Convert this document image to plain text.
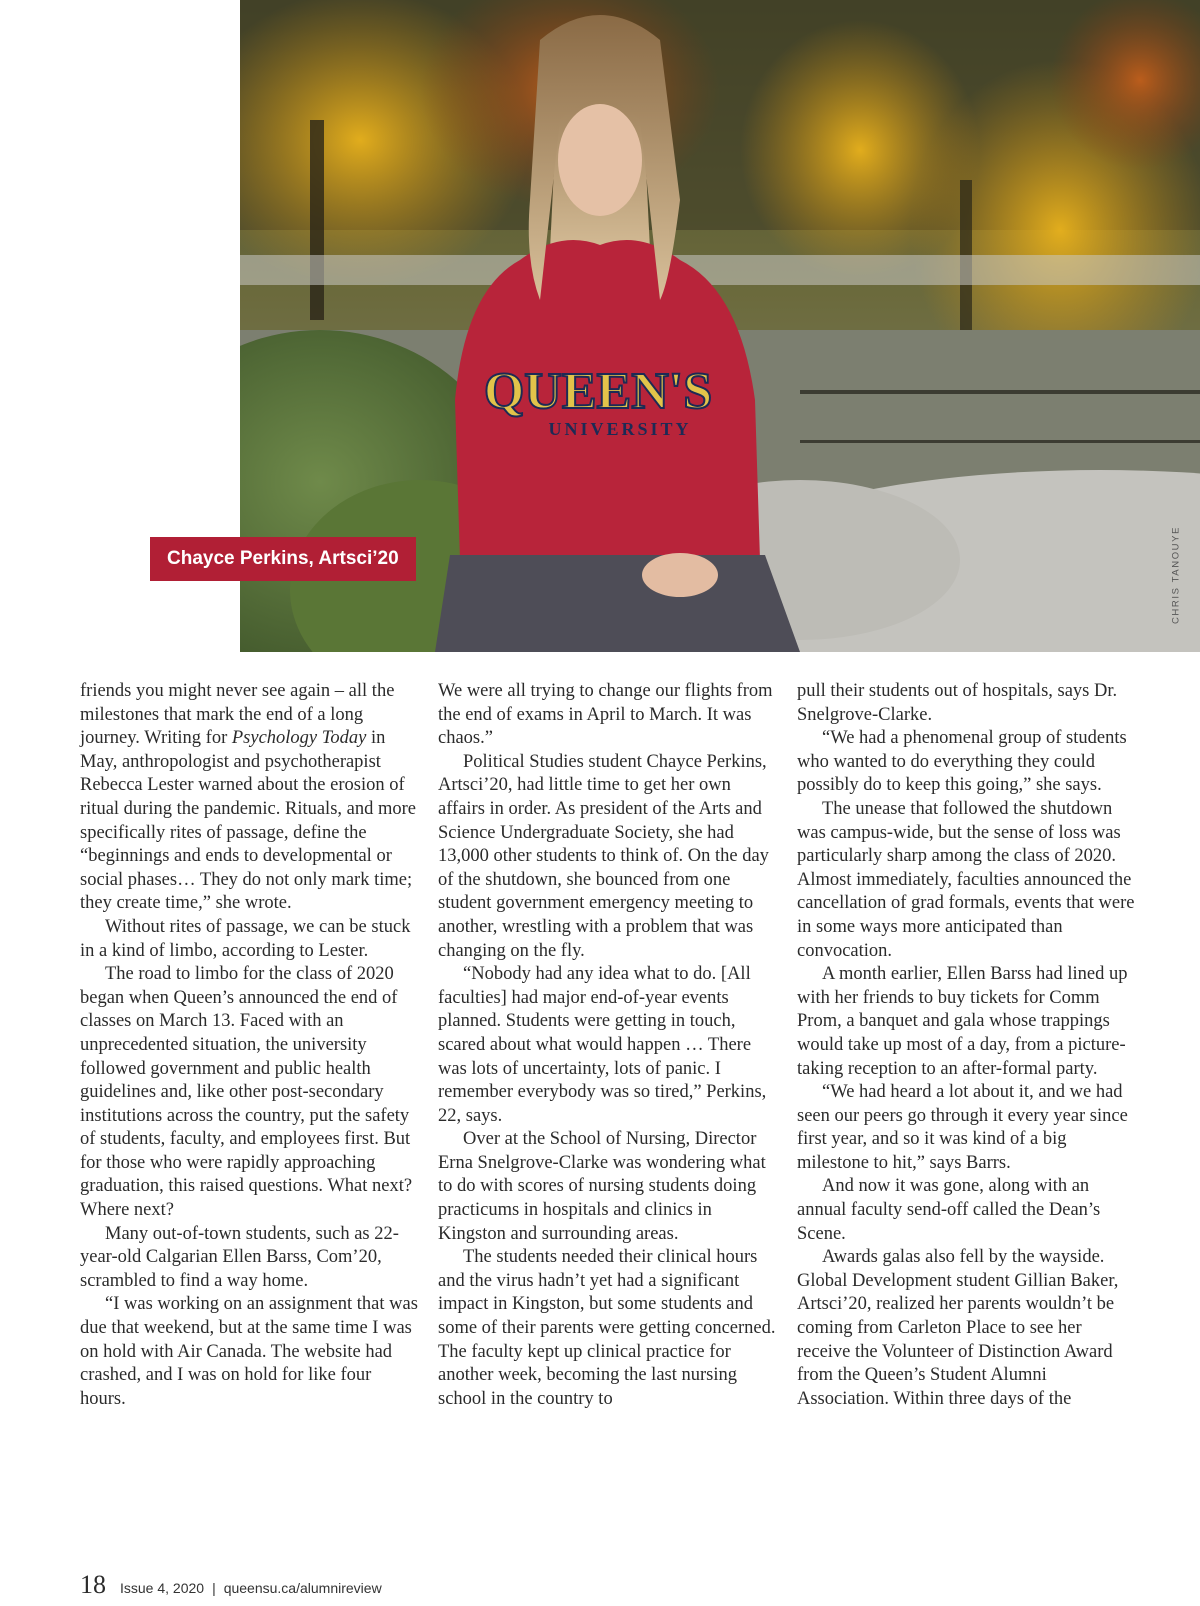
QUEEN'S
UNIVERSITY
Chayce Perkins, Artsci’20	CHRIS TANOUYE

friends you might never see again – all the milestones that mark the end of a long journey. Writing for Psychology Today in May, anthropologist and psychotherapist Rebecca Lester warned about the erosion of ritual during the pandemic. Rituals, and more specifically rites of passage, define the “beginnings and ends to developmental or social phases… They do not only mark time; they create time,” she wrote.

Without rites of passage, we can be stuck in a kind of limbo, according to Lester.

The road to limbo for the class of 2020 began when Queen’s announced the end of classes on March 13. Faced with an unprecedented situation, the university followed government and public health guidelines and, like other post-secondary institutions across the country, put the safety of students, faculty, and employees first. But for those who were rapidly approaching graduation, this raised questions. What next? Where next?

Many out-of-town students, such as 22-year-old Calgarian Ellen Barss, Com’20, scrambled to find a way home.

“I was working on an assignment that was due that weekend, but at the same time I was on hold with Air Canada. The website had crashed, and I was on hold for like four hours.

We were all trying to change our flights from the end of exams in April to March. It was chaos.”

Political Studies student Chayce Perkins, Artsci’20, had little time to get her own affairs in order. As president of the Arts and Science Undergraduate Society, she had 13,000 other students to think of. On the day of the shutdown, she bounced from one student government emergency meeting to another, wrestling with a problem that was changing on the fly.

“Nobody had any idea what to do. [All faculties] had major end-of-year events planned. Students were getting in touch, scared about what would happen … There was lots of uncertainty, lots of panic. I remember everybody was so tired,” Perkins, 22, says.

Over at the School of Nursing, Director Erna Snelgrove-Clarke was wondering what to do with scores of nursing students doing practicums in hospitals and clinics in Kingston and surrounding areas.

The students needed their clinical hours and the virus hadn’t yet had a significant impact in Kingston, but some students and some of their parents were getting concerned. The faculty kept up clinical practice for another week, becoming the last nursing school in the country to

pull their students out of hospitals, says Dr. Snelgrove-Clarke.

“We had a phenomenal group of students who wanted to do everything they could possibly do to keep this going,” she says.

The unease that followed the shutdown was campus-wide, but the sense of loss was particularly sharp among the class of 2020. Almost immediately, faculties announced the cancellation of grad formals, events that were in some ways more anticipated than convocation.

A month earlier, Ellen Barss had lined up with her friends to buy tickets for Comm Prom, a banquet and gala whose trappings would take up most of a day, from a picture-taking reception to an after-formal party.

“We had heard a lot about it, and we had seen our peers go through it every year since first year, and so it was kind of a big milestone to hit,” says Barrs.

And now it was gone, along with an annual faculty send-off called the Dean’s Scene.

Awards galas also fell by the wayside. Global Development student Gillian Baker, Artsci’20, realized her parents wouldn’t be coming from Carleton Place to see her receive the Volunteer of Distinction Award from the Queen’s Student Alumni Association. Within three days of the

18 Issue 4, 2020 | queensu.ca/alumnireview
